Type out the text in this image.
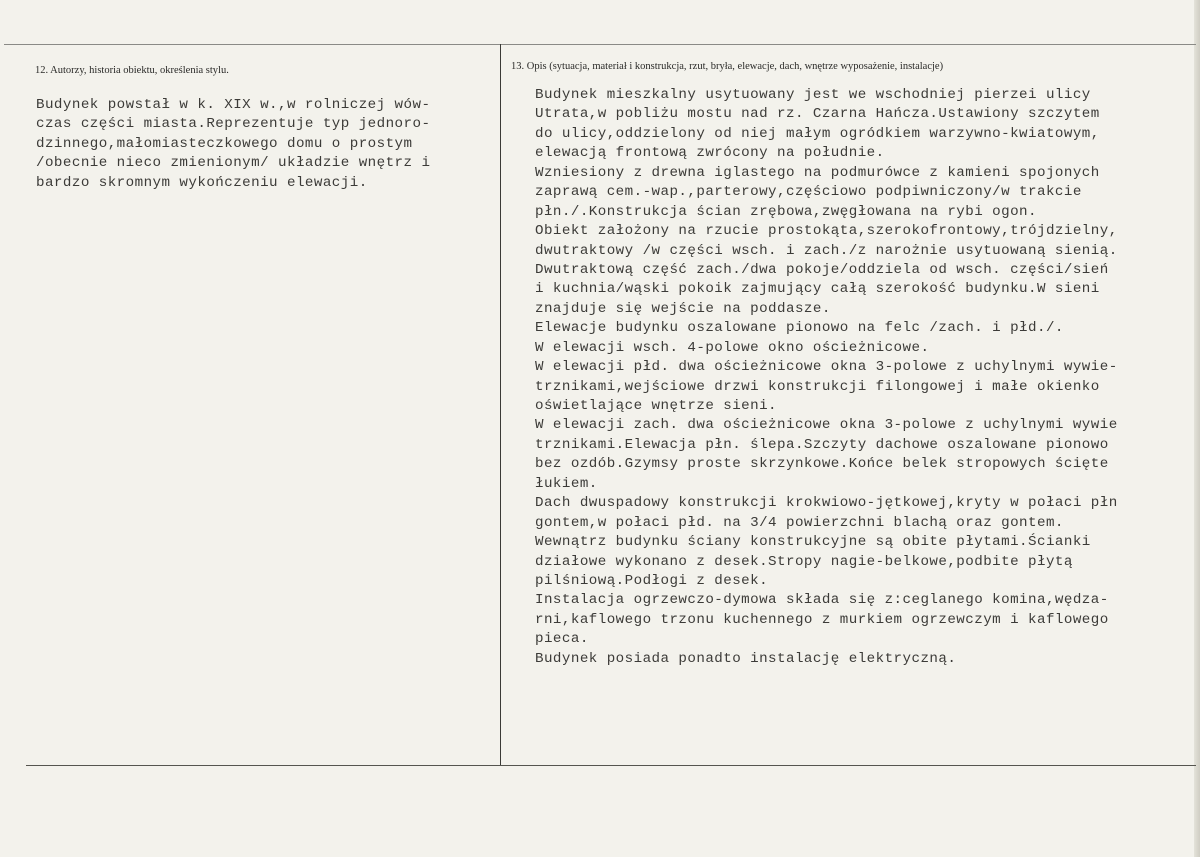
12. Autorzy, historia obiektu, określenia stylu.	13. Opis (sytuacja, materiał i konstrukcja, rzut, bryła, elewacje, dach, wnętrze wyposażenie, instalacje)
Budynek powstał w k. XIX w.,w rolniczej wów-
czas części miasta.Reprezentuje typ jednoro-
dzinnego,małomiasteczkowego domu o prostym
/obecnie nieco zmienionym/ układzie wnętrz i
bardzo skromnym wykończeniu elewacji.
Budynek mieszkalny usytuowany jest we wschodniej pierzei ulicy
Utrata,w pobliżu mostu nad rz. Czarna Hańcza.Ustawiony szczytem
do ulicy,oddzielony od niej małym ogródkiem warzywno-kwiatowym,
elewacją frontową zwrócony na południe.
Wzniesiony z drewna iglastego na podmurówce z kamieni spojonych
zaprawą cem.-wap.,parterowy,częściowo podpiwniczony/w trakcie
płn./.Konstrukcja ścian zrębowa,zwęgłowana na rybi ogon.
Obiekt założony na rzucie prostokąta,szerokofrontowy,trójdzielny,
dwutraktowy /w części wsch. i zach./z narożnie usytuowaną sienią.
Dwutraktową część zach./dwa pokoje/oddziela od wsch. części/sień
i kuchnia/wąski pokoik zajmujący całą szerokość budynku.W sieni
znajduje się wejście na poddasze.
Elewacje budynku oszalowane pionowo na felc /zach. i płd./.
W elewacji wsch. 4-polowe okno ościeżnicowe.
W elewacji płd. dwa ościeżnicowe okna 3-polowe z uchylnymi wywie-
trznikami,wejściowe drzwi konstrukcji filongowej i małe okienko
oświetlające wnętrze sieni.
W elewacji zach. dwa ościeżnicowe okna 3-polowe z uchylnymi wywie
trznikami.Elewacja płn. ślepa.Szczyty dachowe oszalowane pionowo
bez ozdób.Gzymsy proste skrzynkowe.Końce belek stropowych ścięte
łukiem.
Dach dwuspadowy konstrukcji krokwiowo-jętkowej,kryty w połaci płn
gontem,w połaci płd. na 3/4 powierzchni blachą oraz gontem.
Wewnątrz budynku ściany konstrukcyjne są obite płytami.Ścianki
działowe wykonano z desek.Stropy nagie-belkowe,podbite płytą
pilśniową.Podłogi z desek.
Instalacja ogrzewczo-dymowa składa się z:ceglanego komina,wędza-
rni,kaflowego trzonu kuchennego z murkiem ogrzewczym i kaflowego
pieca.
Budynek posiada ponadto instalację elektryczną.
